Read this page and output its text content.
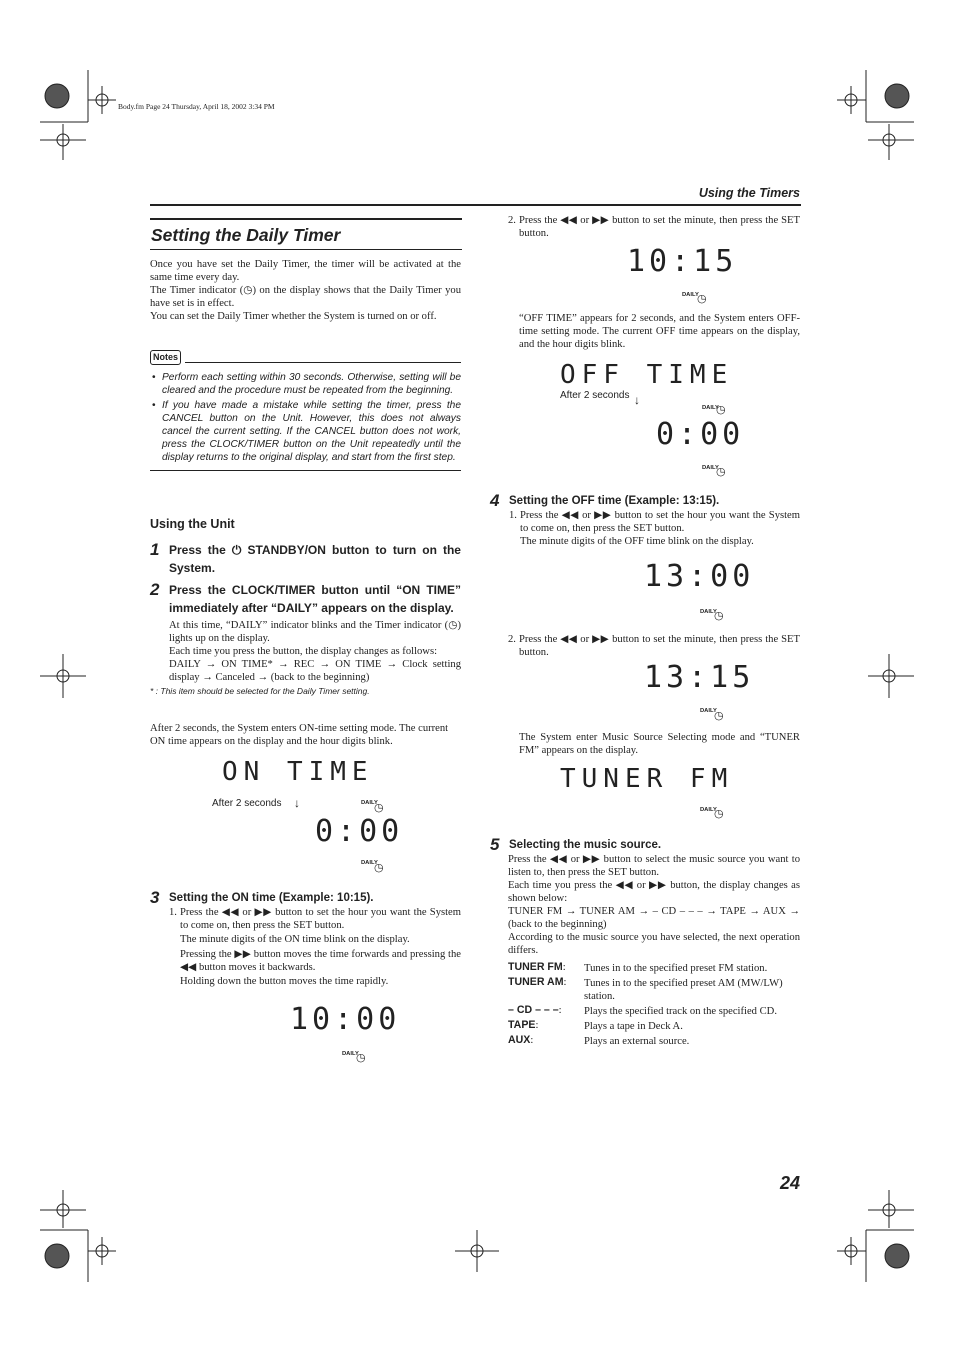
Body.fm Page 24 Thursday, April 18, 2002 3:34 PM
Using the Timers
Setting the Daily Timer

Once you have set the Daily Timer, the timer will be activated at the same time every day.

The Timer indicator (◷) on the display shows that the Daily Timer you have set is in effect.

You can set the Daily Timer whether the System is turned on or off.

Notes
• Perform each setting within 30 seconds. Otherwise, setting will be cleared and the procedure must be repeated from the beginning.
• If you have made a mistake while setting the timer, press the CANCEL button on the Unit. However, this does not always cancel the current setting. If the CANCEL button does not work, press the CLOCK/TIMER button on the Unit repeatedly until the display returns to the original display, and start from the first step.
Using the Unit
1 Press the ⏻ STANDBY/ON button to turn on the System.
2 Press the CLOCK/TIMER button until “ON TIME” immediately after “DAILY” appears on the display.

At this time, “DAILY” indicator blinks and the Timer indicator (◷) lights up on the display.

Each time you press the button, the display changes as follows:

DAILY → ON TIME* → REC → ON TIME → Clock setting display → Canceled → (back to the beginning)

* : This item should be selected for the Daily Timer setting.
After 2 seconds, the System enters ON-time setting mode. The current ON time appears on the display and the hour digits blink.
ON TIME
After 2 seconds ↓	DAILY
◷
0:00
DAILY
◷
3 Setting the ON time (Example: 10:15).
1. Press the ◀◀ or ▶▶ button to set the hour you want the System to come on, then press the SET button.

The minute digits of the ON time blink on the display.

Pressing the ▶▶ button moves the time forwards and pressing the ◀◀ button moves it backwards.

Holding down the button moves the time rapidly.

10:00
DAILY
◷
2. Press the ◀◀ or ▶▶ button to set the minute, then press the SET button.

10:15
DAILY
◷

“OFF TIME” appears for 2 seconds, and the System enters OFF-time setting mode. The current OFF time appears on the display, and the hour digits blink.

OFF TIME
After 2 seconds ↓
DAILY
◷
0:00
DAILY
◷
4 Setting the OFF time (Example: 13:15).
1. Press the ◀◀ or ▶▶ button to set the hour you want the System to come on, then press the SET button.

The minute digits of the OFF time blink on the display.

13:00
DAILY
◷
2. Press the ◀◀ or ▶▶ button to set the minute, then press the SET button.

13:15
DAILY
◷

The System enter Music Source Selecting mode and “TUNER FM” appears on the display.

TUNER FM
DAILY
◷
5 Selecting the music source.

Press the ◀◀ or ▶▶ button to select the music source you want to listen to, then press the SET button.

Each time you press the ◀◀ or ▶▶ button, the display changes as shown below:

TUNER FM → TUNER AM → – CD – – – → TAPE → AUX → (back to the beginning)

According to the music source you have selected, the next operation differs.

TUNER FM:	Tunes in to the specified preset FM station.
TUNER AM:	Tunes in to the specified preset AM (MW/LW) station.
– CD – – –:	Plays the specified track on the specified CD.
TAPE:	Plays a tape in Deck A.
AUX:	Plays an external source.
24
